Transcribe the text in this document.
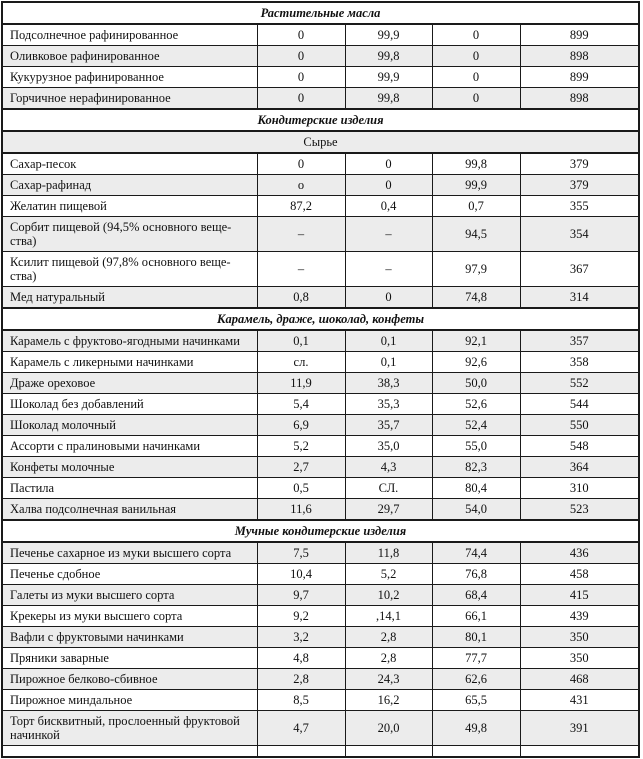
Растительные масла				
Подсолнечное рафинированное	0	99,9	0	899
Оливковое рафинированное	0	99,8	0	898
Кукурузное рафинированное	0	99,9	0	899
Горчичное нерафинированное	0	99,8	0	898
Кондитерские изделия				
Сырье				
Сахар-песок	0	0	99,8	379
Сахар-рафинад	о	0	99,9	379
Желатин пищевой	87,2	0,4	0,7	355
Сорбит пищевой (94,5% основного веще-ства)	–	–	94,5	354
Ксилит пищевой (97,8% основного веще-ства)	–	–	97,9	367
Мед натуральный	0,8	0	74,8	314
Карамель, драже, шоколад, конфеты				
Карамель с фруктово-ягодными начинками	0,1	0,1	92,1	357
Карамель с ликерными начинками	сл.	0,1	92,6	358
Драже ореховое	11,9	38,3	50,0	552
Шоколад без добавлений	5,4	35,3	52,6	544
Шоколад молочный	6,9	35,7	52,4	550
Ассорти с пралиновыми начинками	5,2	35,0	55,0	548
Конфеты молочные	2,7	4,3	82,3	364
Пастила	0,5	СЛ.	80,4	310
Халва подсолнечная ванильная	11,6	29,7	54,0	523
Мучные кондитерские изделия				
Печенье сахарное из муки высшего сорта	7,5	11,8	74,4	436
Печенье сдобное	10,4	5,2	76,8	458
Галеты из муки высшего сорта	9,7	10,2	68,4	415
Крекеры из муки высшего сорта	9,2	,14,1	66,1	439
Вафли с фруктовыми начинками	3,2	2,8	80,1	350
Пряники заварные	4,8	2,8	77,7	350
Пирожное белково-сбивное	2,8	24,3	62,6	468
Пирожное миндальное	8,5	16,2	65,5	431
Торт бисквитный, прослоенный фруктовой начинкой	4,7	20,0	49,8	391
